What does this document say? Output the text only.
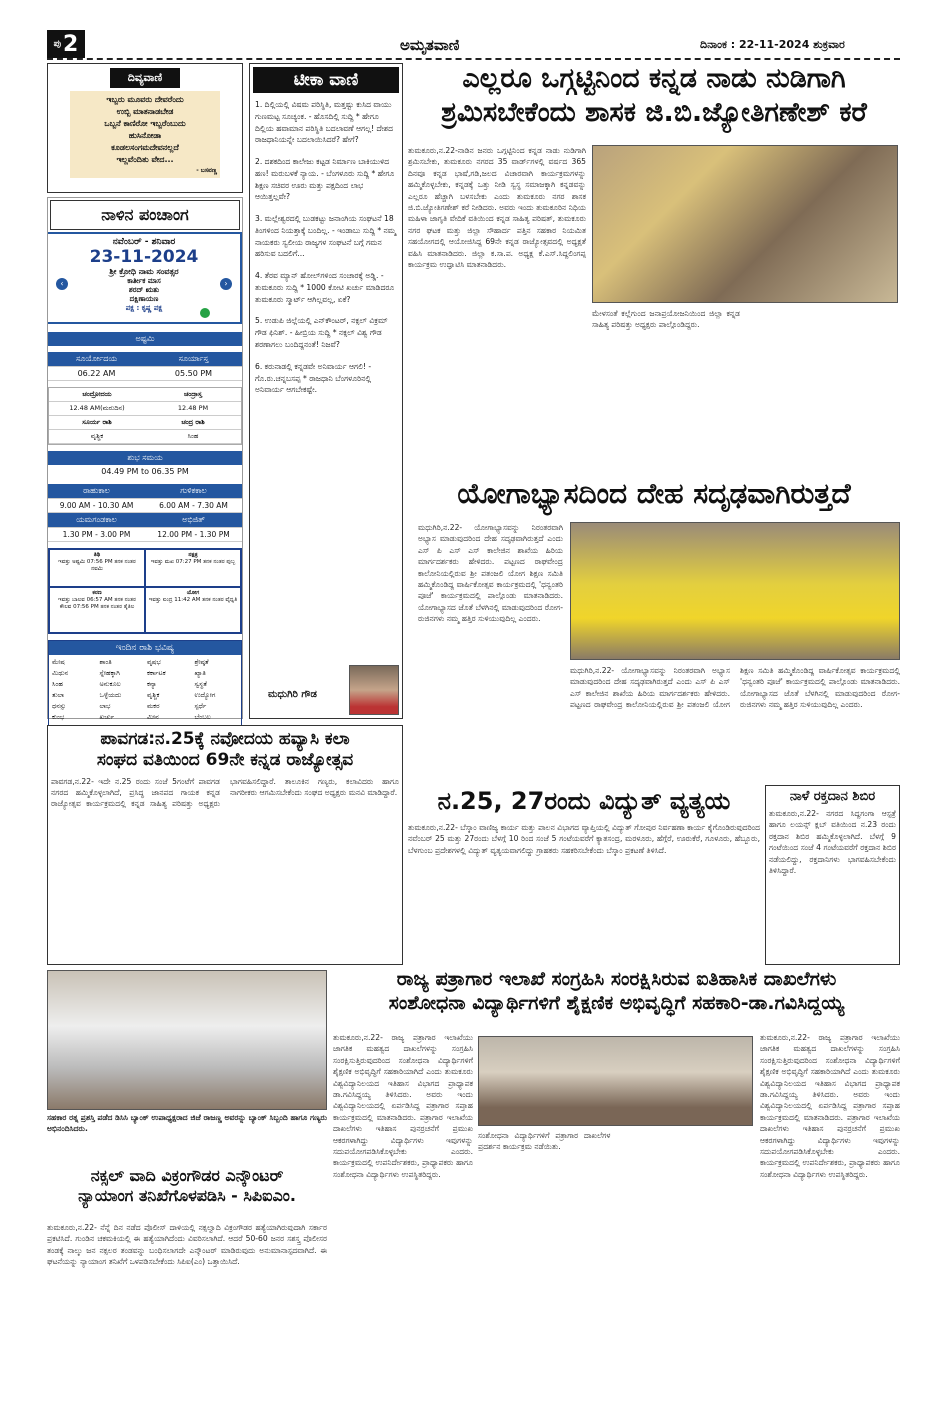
ಪು 2	ಅಮೃತವಾಣಿ	ದಿನಾಂಕ : 22-11-2024 ಶುಕ್ರವಾರ
ದಿವ್ಯವಾಣಿ
ಇಬ್ಬರು ಮೂವರು ದೇವರೆಂದು
ಉಬ್ಬಿ ಮಾತನಾಡಬೇಡ
ಒಬ್ಬನೆ ಕಾಣಿರೋ ಇಬ್ಬರೆಂಬುದು
ಹುಸಿನೋಡಾ
ಕೂಡಲಸಂಗಮದೇವನಲ್ಲದೆ
ಇಲ್ಲವೆಂದಿತು ವೇದ...
- ಬಸವಣ್ಣ
ನಾಳಿನ ಪಂಚಾಂಗ
ನವೆಂಬರ್ - ಶನಿವಾರ
23-11-2024
ಶ್ರೀ ಕ್ರೋಧಿ ನಾಮ ಸಂವತ್ಸರ
ಕಾರ್ತೀಕ ಮಾಸ
ಶರದ್ ಋತು
ದಕ್ಷಿಣಾಯಣ
ಪಕ್ಷ : ಕೃಷ್ಣ ಪಕ್ಷ
‹	›
ಅಷ್ಟಮಿ
ಸೂರ್ಯೋದಯ	ಸೂರ್ಯಾಸ್ತ
06.22 AM	05.50 PM
ಚಂದ್ರೋದಯ	ಚಂದ್ರಾಸ್ತ
12.48 AM(ಮರುದಿನ)	12.48 PM
ಸೂರ್ಯ ರಾಶಿ	ಚಂದ್ರ ರಾಶಿ
ವೃಶ್ಚಿಕ	ಸಿಂಹ
ಶುಭ ಸಮಯ
04.49 PM to 06.35 PM
ರಾಹುಕಾಲ	ಗುಳಿಕಕಾಲ
9.00 AM - 10.30 AM	6.00 AM - 7.30 AM
ಯಮಗಂಡಕಾಲ	ಅಭಿಜಿತ್
1.30 PM - 3.00 PM	12.00 PM - 1.30 PM
ತಿಥಿ
ಇವತ್ತು ಅಷ್ಟಮಿ 07:56 PM ತನಕ ನಂತರ ನವಮಿ
ನಕ್ಷತ್ರ
ಇವತ್ತು ಮಖ 07:27 PM ತನಕ ನಂತರ ಪುಬ್ಬ
ಕರಣ
ಇವತ್ತು ಬಾಲವ 06:57 AM ತನಕ ನಂತರ ಕೌಲವ 07:56 PM ತನಕ ನಂತರ ತೈತಿಲ
ಯೋಗ
ಇವತ್ತು ಐಂದ್ರ 11:42 AM ತನಕ ನಂತರ ವೈಧೃತಿ
ಇಂದಿನ ರಾಶಿ ಭವಿಷ್ಯ
ಮೇಷ	ಶಾಂತಿ	ವೃಷಭ	ಶ್ರೇಷ್ಠತೆ
ಮಿಥುನ	ಸ್ನೇಹಕ್ಕಾಗಿ	ಕರ್ಕಾಟಕ	ಖ್ಯಾತಿ
ಸಿಂಹ	ಅನುಕೂಲ	ಕನ್ಯಾ	ಸ್ವಸ್ಥತೆ
ತುಲಾ	ಒಳ್ಳೆಯದು	ವೃಶ್ಚಿಕ	ಉದ್ಯೋಗ
ಧನಸ್ಸು	ಲಾಭ	ಮಕರ	ಸ್ಪರ್ಧೆ
ಕುಂಭ	ಖರ್ಚು	ಮೀನ	ಬೆಂಬಲ
ಟೀಕಾ ವಾಣಿ

1. ದಿಲ್ಲಿಯಲ್ಲಿ ವಿಷಮ ಪರಿಸ್ಥಿತಿ, ಮತ್ತಷ್ಟು ಕುಸಿದ ವಾಯು ಗುಣಮಟ್ಟ ಸೂಚ್ಯಂಕ. - ಹೊಸದಿಲ್ಲಿ ಸುದ್ದಿ * ಹೇಗೂ ದಿಲ್ಲಿಯ ಹವಾಮಾನ ಪರಿಸ್ಥಿತಿ ಬದಲಾವಣೆ ಆಗಲ್ಲ! ದೇಶದ ರಾಜಧಾನಿಯನ್ನೇ ಬದಲಾಯಿಸಿದರೆ? ಹೇಗೆ?

2. ದಶಕದಿಂದ ಕಾಲೇಜು ಕಟ್ಟಡ ನಿರ್ಮಾಣ ಬಾಕಿಯುಳಿದ ಹಣ! ಮರುಬಳಕೆ ನ್ಯಾಯ. - ಬೆಂಗಳೂರು ಸುದ್ದಿ * ಹೇಗೂ ಶಿಕ್ಷಣ ಸಚಿವರ ಊರು ಮತ್ತು ಪಕ್ಷದಿಂದ ಲಾಭ ಆಯಿತ್ತಲ್ಲವೇ?

3. ಮಲ್ಲೇಶ್ವರದಲ್ಲಿ ಬುಡಕಟ್ಟು ಜನಾಂಗಿಯ ಸಂಘಟನೆ 18 ತಿಂಗಳಿಂದ ನಿಯತ್ತಾಕ್ಕೆ ಬಂದಿಲ್ಲ. - ಇಂಡಾಬು ಸುದ್ದಿ * ನಮ್ಮ ನಾಯಕರು ಸ್ವಲೀಯ ರಾಜ್ಯಗಳ ಸಂಘಟನೆ ಬಗ್ಗೆ ಗಮನ ಹರಿಸುವ ಬದಲಿಗೆ...

4. ತೆರವ ಮ್ಯಾನ್ ಹೋಲ್‌ಗಳಿಂದ ಸಂಚಾರಕ್ಕೆ ಅಡ್ಡಿ. - ತುಮಕೂರು ಸುದ್ದಿ * 1000 ಕೋಟಿ ಖರ್ಚು ಮಾಡಿದರೂ ತುಮಕೂರು ಸ್ಮಾರ್ಟ್ ಆಗಿಲ್ಲವಲ್ಲ, ಏಕೆ?

5. ಉಡುಪಿ ಜಿಲ್ಲೆಯಲ್ಲಿ ಎನ್‌ಕೌಂಟರ್, ನಕ್ಸಲ್ ವಿಕ್ರಮ್ ಗೌಡ ಫಿನಿಶ್. - ಹೀಬ್ರಿಯ ಸುದ್ದಿ * ನಕ್ಸಲ್ ವಿಶ್ವ ಗೌಡ ಶರಣಾಗಲು ಬಂದಿದ್ದನಂತೆ! ನಿಜವೆ?

6. ಕರುನಾಡಲ್ಲಿ ಕನ್ನಡವೇ ಅನಿವಾರ್ಯ ಆಗಲಿ! - ಗೊ.ರು.ಚನ್ನಬಸಪ್ಪ * ರಾಜಧಾನಿ ಬೆಂಗಳೂರಿನಲ್ಲಿ ಅನಿವಾರ್ಯ ಆಗಬೇಕಷ್ಟೇ.

ಮಧುಗಿರಿ ಗೌಡ
ಎಲ್ಲರೂ ಒಗ್ಗಟ್ಟಿನಿಂದ ಕನ್ನಡ ನಾಡು ನುಡಿಗಾಗಿ
ಶ್ರಮಿಸಬೇಕೆಂದು ಶಾಸಕ ಜಿ.ಬಿ.ಜ್ಯೋತಿಗಣೇಶ್ ಕರೆ
ತುಮಕೂರು,ನ.22-ನಾಡಿನ ಜನರು ಒಗ್ಗಟ್ಟಿನಿಂದ ಕನ್ನಡ ನಾಡು ನುಡಿಗಾಗಿ ಶ್ರಮಿಸಬೇಕು, ತುಮಕೂರು ನಗರದ 35 ವಾರ್ಡ್‌ಗಳಲ್ಲಿ ವರ್ಷದ 365 ದಿನವೂ ಕನ್ನಡ ಭಾಷೆ,ಗಡಿ,ಜಲದ ವಿಚಾರವಾಗಿ ಕಾರ್ಯಕ್ರಮಗಳನ್ನು ಹಮ್ಮಿಕೊಳ್ಳಬೇಕು, ಕನ್ನಡಕ್ಕೆ ಒತ್ತು ನೀಡಿ ಸ್ವಸ್ಥ ಸಮಾಜಕ್ಕಾಗಿ ಕನ್ನಡವನ್ನು ಎಲ್ಲರೂ ಹೆಚ್ಚಾಗಿ ಬಳಸಬೇಕು ಎಂದು ತುಮಕೂರು ನಗರ ಶಾಸಕ ಜಿ.ಬಿ.ಜ್ಯೋತಿಗಣೇಶ್ ಕರೆ ನೀಡಿದರು. ಅವರು ಇಂದು ತುಮಕೂರಿನ ನಿಧಿಯ ಮಹಿಳಾ ಜಾಗೃತಿ ವೇದಿಕೆ ವತಿಯಿಂದ ಕನ್ನಡ ಸಾಹಿತ್ಯ ಪರಿಷತ್, ತುಮಕೂರು ನಗರ ಘಟಕ ಮತ್ತು ಜಿಲ್ಲಾ ಸೌಹಾರ್ದ ಪತ್ತಿನ ಸಹಕಾರ ನಿಯಮಿತ ಸಹಯೋಗದಲ್ಲಿ ಆಯೋಜಿಸಿದ್ದ 69ನೇ ಕನ್ನಡ ರಾಜ್ಯೋತ್ಸವದಲ್ಲಿ ಅಧ್ಯಕ್ಷತೆ ವಹಿಸಿ ಮಾತನಾಡಿದರು. ಜಿಲ್ಲಾ ಕ.ಸಾ.ಪ. ಅಧ್ಯಕ್ಷ ಕೆ.ಎಸ್.ಸಿದ್ದಲಿಂಗಪ್ಪ ಕಾರ್ಯಕ್ರಮ ಉದ್ಘಾಟಿಸಿ ಮಾತನಾಡಿದರು.
ಮೇಳಸಂತೆ ಕಲ್ಲೆಗುಂದ ಜನಾಪ್ರಯೋಜನಿಯಿಂದ ಜಿಲ್ಲಾ ಕನ್ನಡ ಸಾಹಿತ್ಯ ಪರಿಷತ್ತು ಅಧ್ಯಕ್ಷರು ಪಾಲ್ಗೊಂಡಿದ್ದರು.
ಯೋಗಾಭ್ಯಾಸದಿಂದ ದೇಹ ಸದೃಢವಾಗಿರುತ್ತದೆ
ಮಧುಗಿರಿ,ನ.22- ಯೋಗಾಭ್ಯಾಸವನ್ನು ನಿರಂತರವಾಗಿ ಅಭ್ಯಾಸ ಮಾಡುವುದರಿಂದ ದೇಹ ಸದೃಢವಾಗಿರುತ್ತದೆ ಎಂದು ಎಸ್ ಪಿ ಎಸ್ ಎಸ್ ಕಾಲೇಜಿನ ಶಾಖೆಯ ಹಿರಿಯ ಮಾರ್ಗದರ್ಶಕರು ಹೇಳಿದರು. ಪಟ್ಟಣದ ರಾಘವೇಂದ್ರ ಕಾಲೋನಿಯಲ್ಲಿರುವ ಶ್ರೀ ಪತಂಜಲಿ ಯೋಗ ಶಿಕ್ಷಣ ಸಮಿತಿ ಹಮ್ಮಿಕೊಂಡಿದ್ದ ವಾರ್ಷಿಕೋತ್ಸವ ಕಾರ್ಯಕ್ರಮದಲ್ಲಿ 'ಧನ್ವಂತರಿ ಪೂಜೆ' ಕಾರ್ಯಕ್ರಮದಲ್ಲಿ ಪಾಲ್ಗೊಂಡು ಮಾತನಾಡಿದರು. ಯೋಗಾಭ್ಯಾಸದ ಜೊತೆ ಬೆಳಗಿನಲ್ಲಿ ಮಾಡುವುದರಿಂದ ರೋಗ-ರುಜಿನಗಳು ನಮ್ಮ ಹತ್ತಿರ ಸುಳಿಯುವುದಿಲ್ಲ ಎಂದರು.
ಮಧುಗಿರಿ,ನ.22- ಯೋಗಾಭ್ಯಾಸವನ್ನು ನಿರಂತರವಾಗಿ ಅಭ್ಯಾಸ ಮಾಡುವುದರಿಂದ ದೇಹ ಸದೃಢವಾಗಿರುತ್ತದೆ ಎಂದು ಎಸ್ ಪಿ ಎಸ್ ಎಸ್ ಕಾಲೇಜಿನ ಶಾಖೆಯ ಹಿರಿಯ ಮಾರ್ಗದರ್ಶಕರು ಹೇಳಿದರು. ಪಟ್ಟಣದ ರಾಘವೇಂದ್ರ ಕಾಲೋನಿಯಲ್ಲಿರುವ ಶ್ರೀ ಪತಂಜಲಿ ಯೋಗ ಶಿಕ್ಷಣ ಸಮಿತಿ ಹಮ್ಮಿಕೊಂಡಿದ್ದ ವಾರ್ಷಿಕೋತ್ಸವ ಕಾರ್ಯಕ್ರಮದಲ್ಲಿ 'ಧನ್ವಂತರಿ ಪೂಜೆ' ಕಾರ್ಯಕ್ರಮದಲ್ಲಿ ಪಾಲ್ಗೊಂಡು ಮಾತನಾಡಿದರು. ಯೋಗಾಭ್ಯಾಸದ ಜೊತೆ ಬೆಳಗಿನಲ್ಲಿ ಮಾಡುವುದರಿಂದ ರೋಗ-ರುಜಿನಗಳು ನಮ್ಮ ಹತ್ತಿರ ಸುಳಿಯುವುದಿಲ್ಲ ಎಂದರು.
ಪಾವಗಡ:ನ.25ಕ್ಕೆ ನವೋದಯ ಹವ್ಯಾಸಿ ಕಲಾ
ಸಂಘದ ವತಿಯಿಂದ 69ನೇ ಕನ್ನಡ ರಾಜ್ಯೋತ್ಸವ
ಪಾವಗಡ,ನ.22- ಇದೇ ನ.25 ರಂದು ಸಂಜೆ 5ಗಂಟೆಗೆ ಪಾವಗಡ ನಗರದ ಹಮ್ಮಿಕೊಳ್ಳಲಾಗಿದೆ, ಪ್ರಸಿದ್ಧ ಜಾನಪದ ಗಾಯಕ ಕನ್ನಡ ರಾಜ್ಯೋತ್ಸವ ಕಾರ್ಯಕ್ರಮದಲ್ಲಿ ಕನ್ನಡ ಸಾಹಿತ್ಯ ಪರಿಷತ್ತು ಅಧ್ಯಕ್ಷರು ಭಾಗವಹಿಸಲಿದ್ದಾರೆ. ತಾಲೂಕಿನ ಗಣ್ಯರು, ಕಲಾವಿದರು ಹಾಗೂ ನಾಗರೀಕರು ಆಗಮಿಸಬೇಕೆಂದು ಸಂಘದ ಅಧ್ಯಕ್ಷರು ಮನವಿ ಮಾಡಿದ್ದಾರೆ.	ನ.25, 27ರಂದು ವಿದ್ಯುತ್ ವ್ಯತ್ಯಯ
ತುಮಕೂರು,ನ.22- ಬೆಸ್ಕಾಂ ವಾಣಿಜ್ಯ ಕಾರ್ಯ ಮತ್ತು ಪಾಲನ ವಿಭಾಗದ ವ್ಯಾಪ್ತಿಯಲ್ಲಿ ವಿದ್ಯುತ್ ಗೋಪುರ ನಿರ್ವಹಣಾ ಕಾರ್ಯ ಕೈಗೊಂಡಿರುವುದರಿಂದ ನವೆಂಬರ್ 25 ಮತ್ತು 27ರಂದು ಬೆಳಗ್ಗೆ 10 ರಿಂದ ಸಂಜೆ 5 ಗಂಟೆಯವರೆಗೆ ಕ್ಯಾತಸಂದ್ರ, ಮರಳೂರು, ಹೆಗ್ಗೆರೆ, ಊರುಕೆರೆ, ಗೂಳೂರು, ಹೆಬ್ಬೂರು, ಬೆಳಗುಂಬ ಪ್ರದೇಶಗಳಲ್ಲಿ ವಿದ್ಯುತ್ ವ್ಯತ್ಯಯವಾಗಲಿದ್ದು ಗ್ರಾಹಕರು ಸಹಕರಿಸಬೇಕೆಂದು ಬೆಸ್ಕಾಂ ಪ್ರಕಟಣೆ ತಿಳಿಸಿದೆ.
ನಾಳೆ ರಕ್ತದಾನ ಶಿಬಿರ
ತುಮಕೂರು,ನ.22- ನಗರದ ಸಿದ್ದಗಂಗಾ ಆಸ್ಪತ್ರೆ ಹಾಗೂ ಲಯನ್ಸ್ ಕ್ಲಬ್ ವತಿಯಿಂದ ನ.23 ರಂದು ರಕ್ತದಾನ ಶಿಬಿರ ಹಮ್ಮಿಕೊಳ್ಳಲಾಗಿದೆ. ಬೆಳಗ್ಗೆ 9 ಗಂಟೆಯಿಂದ ಸಂಜೆ 4 ಗಂಟೆಯವರೆಗೆ ರಕ್ತದಾನ ಶಿಬಿರ ನಡೆಯಲಿದ್ದು, ರಕ್ತದಾನಿಗಳು ಭಾಗವಹಿಸಬೇಕೆಂದು ತಿಳಿಸಿದ್ದಾರೆ.
ಸಹಕಾರ ರತ್ನ ಪ್ರಶಸ್ತಿ ಪಡೆದ ಡಿಸಿಸಿ ಬ್ಯಾಂಕ್ ಉಪಾಧ್ಯಕ್ಷರಾದ ಜಿಜೆ ರಾಜಣ್ಣ ಅವರನ್ನು ಬ್ಯಾಂಕ್ ಸಿಬ್ಬಂದಿ ಹಾಗೂ ಗಣ್ಯರು ಅಭಿನಂದಿಸಿದರು.
ನಕ್ಸಲ್ ವಾದಿ ವಿಕ್ರಂಗೌಡರ ಎನ್ಕೌಂಟರ್
ನ್ಯಾಯಾಂಗ ತನಿಖೆಗೊಳಪಡಿಸಿ - ಸಿಪಿಐಎಂ.
ತುಮಕೂರು,ನ.22- ನೆನ್ನೆ ದಿನ ನಡೆದ ಪೊಲೀಸ್ ದಾಳಿಯಲ್ಲಿ ನಕ್ಸಲ್ವಾದಿ ವಿಕ್ರಂಗೌಡರ ಹತ್ಯೆಯಾಗಿರುವುದಾಗಿ ಸರ್ಕಾರ ಪ್ರಕಟಿಸಿದೆ. ಗುಂಡಿನ ಚಕಮಕಿಯಲ್ಲಿ ಈ ಹತ್ಯೆಯಾಗಿದೆಂದು ವಿವರಿಸಲಾಗಿದೆ. ಆದರೆ 50-60 ಜನರ ಸಶಸ್ತ್ರ ಪೊಲೀಸರ ತಂಡಕ್ಕೆ ನಾಲ್ಕು ಜನ ನಕ್ಸಲರ ತಂಡವನ್ನು ಬಂಧಿಸಲಾಗದೇ ಎನ್ಕೌಂಟರ್ ಮಾಡಿರುವುದು ಅನುಮಾನಾಸ್ಪದವಾಗಿದೆ. ಈ ಘಟನೆಯನ್ನು ನ್ಯಾಯಾಂಗ ತನಿಖೆಗೆ ಒಳಪಡಿಸಬೇಕೆಂದು ಸಿಪಿಐ(ಎಂ) ಒತ್ತಾಯಿಸಿದೆ.
ರಾಜ್ಯ ಪತ್ರಾಗಾರ ಇಲಾಖೆ ಸಂಗ್ರಹಿಸಿ ಸಂರಕ್ಷಿಸಿರುವ ಐತಿಹಾಸಿಕ ದಾಖಲೆಗಳು
ಸಂಶೋಧನಾ ವಿದ್ಯಾರ್ಥಿಗಳಿಗೆ ಶೈಕ್ಷಣಿಕ ಅಭಿವೃದ್ಧಿಗೆ ಸಹಕಾರಿ-ಡಾ.ಗವಿಸಿದ್ದಯ್ಯ
ತುಮಕೂರು,ನ.22- ರಾಜ್ಯ ಪತ್ರಾಗಾರ ಇಲಾಖೆಯು ಜಾಗತಿಕ ಮಹತ್ವದ ದಾಖಲೆಗಳನ್ನು ಸಂಗ್ರಹಿಸಿ ಸಂರಕ್ಷಿಸುತ್ತಿರುವುದರಿಂದ ಸಂಶೋಧನಾ ವಿದ್ಯಾರ್ಥಿಗಳಿಗೆ ಶೈಕ್ಷಣಿಕ ಅಭಿವೃದ್ಧಿಗೆ ಸಹಕಾರಿಯಾಗಿದೆ ಎಂದು ತುಮಕೂರು ವಿಶ್ವವಿದ್ಯಾನಿಲಯದ ಇತಿಹಾಸ ವಿಭಾಗದ ಪ್ರಾಧ್ಯಾಪಕ ಡಾ.ಗವಿಸಿದ್ದಯ್ಯ ತಿಳಿಸಿದರು. ಅವರು ಇಂದು ವಿಶ್ವವಿದ್ಯಾನಿಲಯದಲ್ಲಿ ಏರ್ಪಡಿಸಿದ್ದ ಪತ್ರಾಗಾರ ಸಪ್ತಾಹ ಕಾರ್ಯಕ್ರಮದಲ್ಲಿ ಮಾತನಾಡಿದರು. ಪತ್ರಾಗಾರ ಇಲಾಖೆಯ ದಾಖಲೆಗಳು ಇತಿಹಾಸ ಪುನರ್ರಚನೆಗೆ ಪ್ರಮುಖ ಆಕರಗಳಾಗಿದ್ದು ವಿದ್ಯಾರ್ಥಿಗಳು ಇವುಗಳನ್ನು ಸದುಪಯೋಗಪಡಿಸಿಕೊಳ್ಳಬೇಕು ಎಂದರು. ಕಾರ್ಯಕ್ರಮದಲ್ಲಿ ಉಪನಿರ್ದೇಶಕರು, ಪ್ರಾಧ್ಯಾಪಕರು ಹಾಗೂ ಸಂಶೋಧನಾ ವಿದ್ಯಾರ್ಥಿಗಳು ಉಪಸ್ಥಿತರಿದ್ದರು.
ಸಂಶೋಧನಾ ವಿದ್ಯಾರ್ಥಿಗಳಿಗೆ ಪತ್ರಾಗಾರ ದಾಖಲೆಗಳ ಪ್ರದರ್ಶನ ಕಾರ್ಯಕ್ರಮ ನಡೆಯಿತು.
ತುಮಕೂರು,ನ.22- ರಾಜ್ಯ ಪತ್ರಾಗಾರ ಇಲಾಖೆಯು ಜಾಗತಿಕ ಮಹತ್ವದ ದಾಖಲೆಗಳನ್ನು ಸಂಗ್ರಹಿಸಿ ಸಂರಕ್ಷಿಸುತ್ತಿರುವುದರಿಂದ ಸಂಶೋಧನಾ ವಿದ್ಯಾರ್ಥಿಗಳಿಗೆ ಶೈಕ್ಷಣಿಕ ಅಭಿವೃದ್ಧಿಗೆ ಸಹಕಾರಿಯಾಗಿದೆ ಎಂದು ತುಮಕೂರು ವಿಶ್ವವಿದ್ಯಾನಿಲಯದ ಇತಿಹಾಸ ವಿಭಾಗದ ಪ್ರಾಧ್ಯಾಪಕ ಡಾ.ಗವಿಸಿದ್ದಯ್ಯ ತಿಳಿಸಿದರು. ಅವರು ಇಂದು ವಿಶ್ವವಿದ್ಯಾನಿಲಯದಲ್ಲಿ ಏರ್ಪಡಿಸಿದ್ದ ಪತ್ರಾಗಾರ ಸಪ್ತಾಹ ಕಾರ್ಯಕ್ರಮದಲ್ಲಿ ಮಾತನಾಡಿದರು. ಪತ್ರಾಗಾರ ಇಲಾಖೆಯ ದಾಖಲೆಗಳು ಇತಿಹಾಸ ಪುನರ್ರಚನೆಗೆ ಪ್ರಮುಖ ಆಕರಗಳಾಗಿದ್ದು ವಿದ್ಯಾರ್ಥಿಗಳು ಇವುಗಳನ್ನು ಸದುಪಯೋಗಪಡಿಸಿಕೊಳ್ಳಬೇಕು ಎಂದರು. ಕಾರ್ಯಕ್ರಮದಲ್ಲಿ ಉಪನಿರ್ದೇಶಕರು, ಪ್ರಾಧ್ಯಾಪಕರು ಹಾಗೂ ಸಂಶೋಧನಾ ವಿದ್ಯಾರ್ಥಿಗಳು ಉಪಸ್ಥಿತರಿದ್ದರು.
